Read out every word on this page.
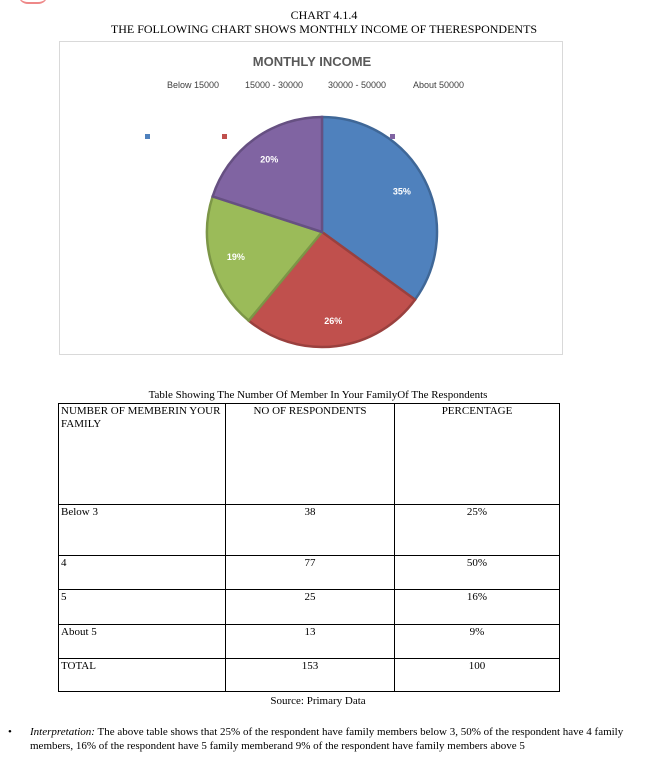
CHART 4.1.4
THE FOLLOWING CHART SHOWS MONTHLY INCOME OF THERESPONDENTS
35%
26%
19%
20%
MONTHLY INCOME
Below 15000	15000 - 30000	30000 - 50000	About 50000
Table Showing The Number Of Member In Your FamilyOf The Respondents
NUMBER OF MEMBERIN YOUR FAMILY	NO OF RESPONDENTS	PERCENTAGE
Below 3	38	25%
4	77	50%
5	25	16%
About 5	13	9%
TOTAL	153	100
Source: Primary Data
• Interpretation: The above table shows that 25% of the respondent have family members below 3, 50% of the respondent have 4 family members, 16% of the respondent have 5 family memberand 9% of the respondent have family members above 5
